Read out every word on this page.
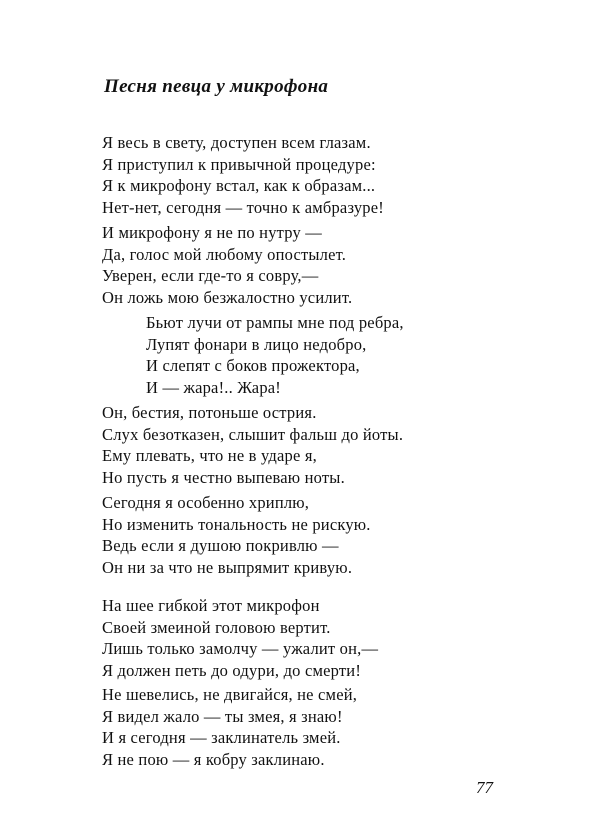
Песня певца у микрофона
Я весь в свету, доступен всем глазам.
Я приступил к привычной процедуре:
Я к микрофону встал, как к образам...
Нет-нет, сегодня — точно к амбразуре!
И микрофону я не по нутру —
Да, голос мой любому опостылет.
Уверен, если где-то я совру,—
Он ложь мою безжалостно усилит.
Бьют лучи от рампы мне под ребра,
Лупят фонари в лицо недобро,
И слепят с боков прожектора,
И — жара!.. Жара!
Он, бестия, потоньше острия.
Слух безотказен, слышит фальш до йоты.
Ему плевать, что не в ударе я,
Но пусть я честно выпеваю ноты.
Сегодня я особенно хриплю,
Но изменить тональность не рискую.
Ведь если я душою покривлю —
Он ни за что не выпрямит кривую.
На шее гибкой этот микрофон
Своей змеиной головою вертит.
Лишь только замолчу — ужалит он,—
Я должен петь до одури, до смерти!
Не шевелись, не двигайся, не смей,
Я видел жало — ты змея, я знаю!
И я сегодня — заклинатель змей.
Я не пою — я кобру заклинаю.

77
